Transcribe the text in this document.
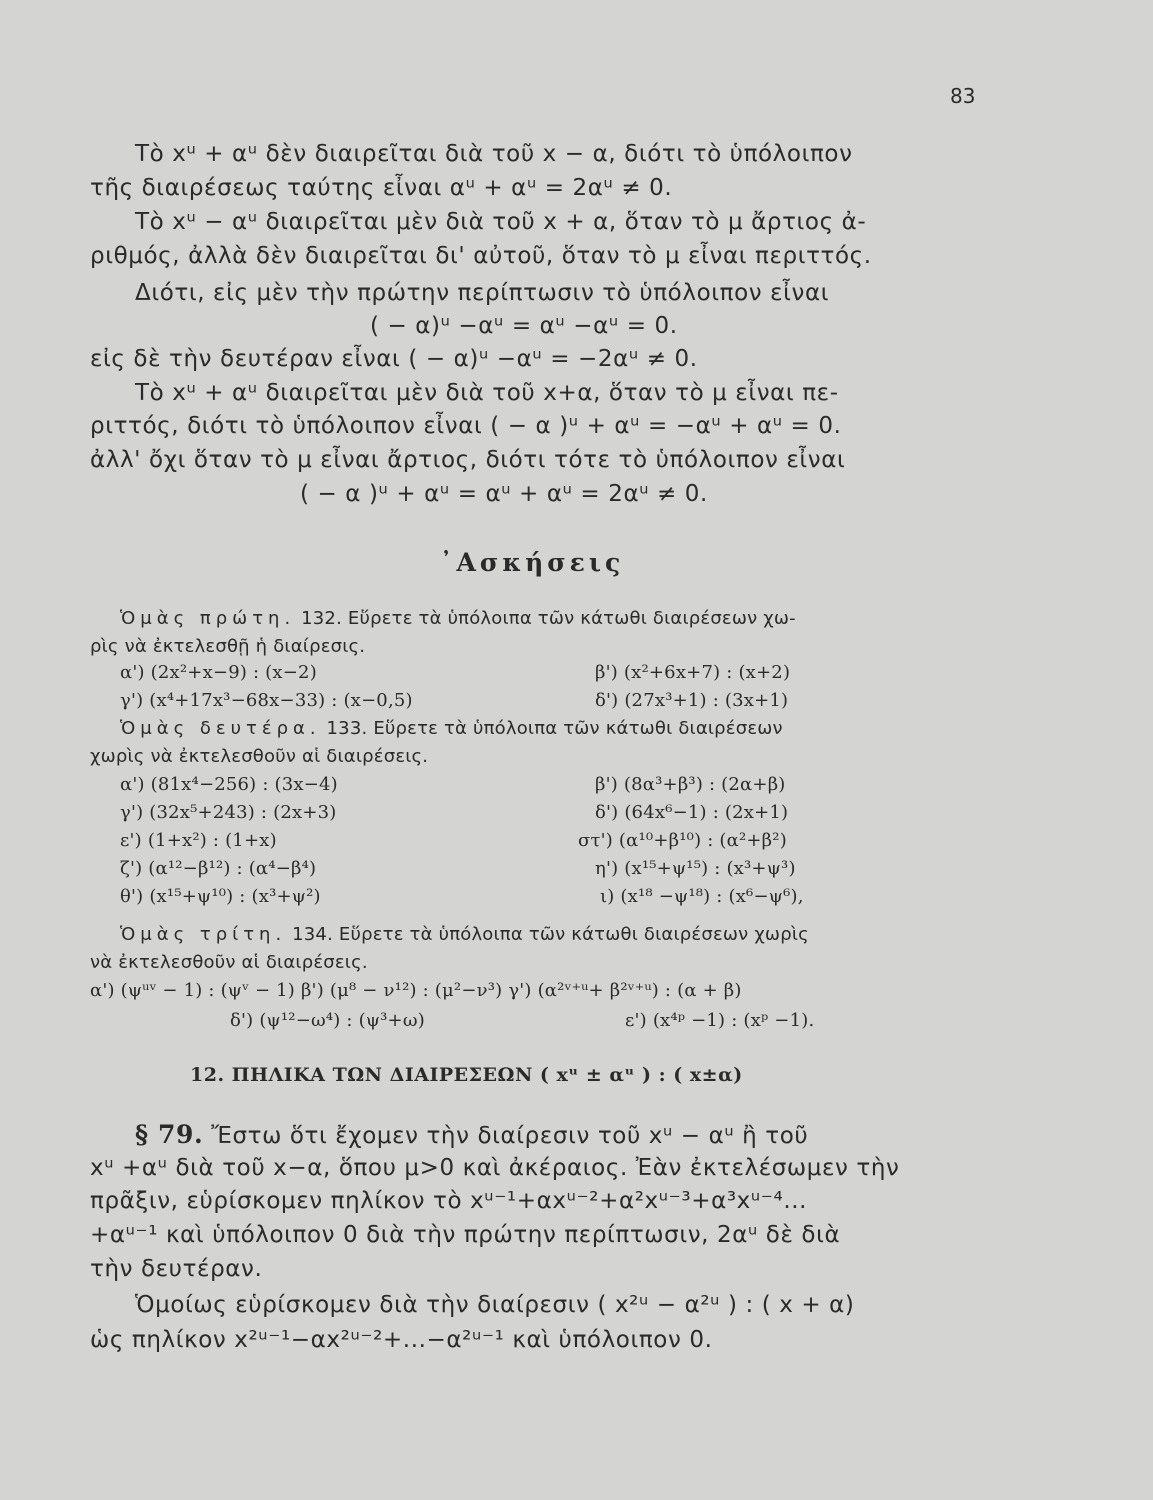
83
Τὸ xᵘ + αᵘ δὲν διαιρεῖται διὰ τοῦ x − α, διότι τὸ ὑπόλοιπον
τῆς διαιρέσεως ταύτης εἶναι αᵘ + αᵘ = 2αᵘ ≠ 0.
Τὸ xᵘ − αᵘ διαιρεῖται μὲν διὰ τοῦ x + α, ὅταν τὸ μ ἄρτιος ἀ-
ριθμός, ἀλλὰ δὲν διαιρεῖται δι' αὐτοῦ, ὅταν τὸ μ εἶναι περιττός.
Διότι, εἰς μὲν τὴν πρώτην περίπτωσιν τὸ ὑπόλοιπον εἶναι
( − α)ᵘ −αᵘ = αᵘ −αᵘ = 0.
εἰς δὲ τὴν δευτέραν εἶναι ( − α)ᵘ −αᵘ = −2αᵘ ≠ 0.
Τὸ xᵘ + αᵘ διαιρεῖται μὲν διὰ τοῦ x+α, ὅταν τὸ μ εἶναι πε-
ριττός, διότι τὸ ὑπόλοιπον εἶναι ( − α )ᵘ + αᵘ = −αᵘ + αᵘ = 0.
ἀλλ' ὄχι ὅταν τὸ μ εἶναι ἄρτιος, διότι τότε τὸ ὑπόλοιπον εἶναι
( − α )ᵘ + αᵘ = αᵘ + αᵘ = 2αᵘ ≠ 0.
᾿Ασκήσεις
Ὁμὰς πρώτη. 132. Εὕρετε τὰ ὑπόλοιπα τῶν κάτωθι διαιρέσεων χω-
ρὶς νὰ ἐκτελεσθῇ ἡ διαίρεσις.
α') (2x²+x−9) : (x−2)	β') (x²+6x+7) : (x+2)
γ') (x⁴+17x³−68x−33) : (x−0,5)	δ') (27x³+1) : (3x+1)
Ὁμὰς δευτέρα. 133. Εὕρετε τὰ ὑπόλοιπα τῶν κάτωθι διαιρέσεων
χωρὶς νὰ ἐκτελεσθοῦν αἱ διαιρέσεις.
α') (81x⁴−256) : (3x−4)	β') (8α³+β³) : (2α+β)
γ') (32x⁵+243) : (2x+3)	δ') (64x⁶−1) : (2x+1)
ε') (1+x²) : (1+x)	στ') (α¹⁰+β¹⁰) : (α²+β²)
ζ') (α¹²−β¹²) : (α⁴−β⁴)	η') (x¹⁵+ψ¹⁵) : (x³+ψ³)
θ') (x¹⁵+ψ¹⁰) : (x³+ψ²)	ι) (x¹⁸ −ψ¹⁸) : (x⁶−ψ⁶),
Ὁμὰς τρίτη. 134. Εὕρετε τὰ ὑπόλοιπα τῶν κάτωθι διαιρέσεων χωρὶς
νὰ ἐκτελεσθοῦν αἱ διαιρέσεις.
α') (ψᵘᵛ − 1) : (ψᵛ − 1) β') (μ⁸ − ν¹²) : (μ²−ν³) γ') (α²ᵛ⁺ᵘ+ β²ᵛ⁺ᵘ) : (α + β)
δ') (ψ¹²−ω⁴) : (ψ³+ω)	ε') (x⁴ᵖ −1) : (xᵖ −1).
12. ΠΗΛΙΚΑ ΤΩΝ ΔΙΑΙΡΕΣΕΩΝ ( xᵘ ± αᵘ ) : ( x±α)
§ 79. Ἔστω ὅτι ἔχομεν τὴν διαίρεσιν τοῦ xᵘ − αᵘ ἢ τοῦ
xᵘ +αᵘ διὰ τοῦ x−α, ὅπου μ>0 καὶ ἀκέραιος. Ἐὰν ἐκτελέσωμεν τὴν
πρᾶξιν, εὑρίσκομεν πηλίκον τὸ xᵘ⁻¹+αxᵘ⁻²+α²xᵘ⁻³+α³xᵘ⁻⁴...
+αᵘ⁻¹ καὶ ὑπόλοιπον 0 διὰ τὴν πρώτην περίπτωσιν, 2αᵘ δὲ διὰ
τὴν δευτέραν.
Ὁμοίως εὑρίσκομεν διὰ τὴν διαίρεσιν ( x²ᵘ − α²ᵘ ) : ( x + α)
ὡς πηλίκον x²ᵘ⁻¹−αx²ᵘ⁻²+...−α²ᵘ⁻¹ καὶ ὑπόλοιπον 0.
